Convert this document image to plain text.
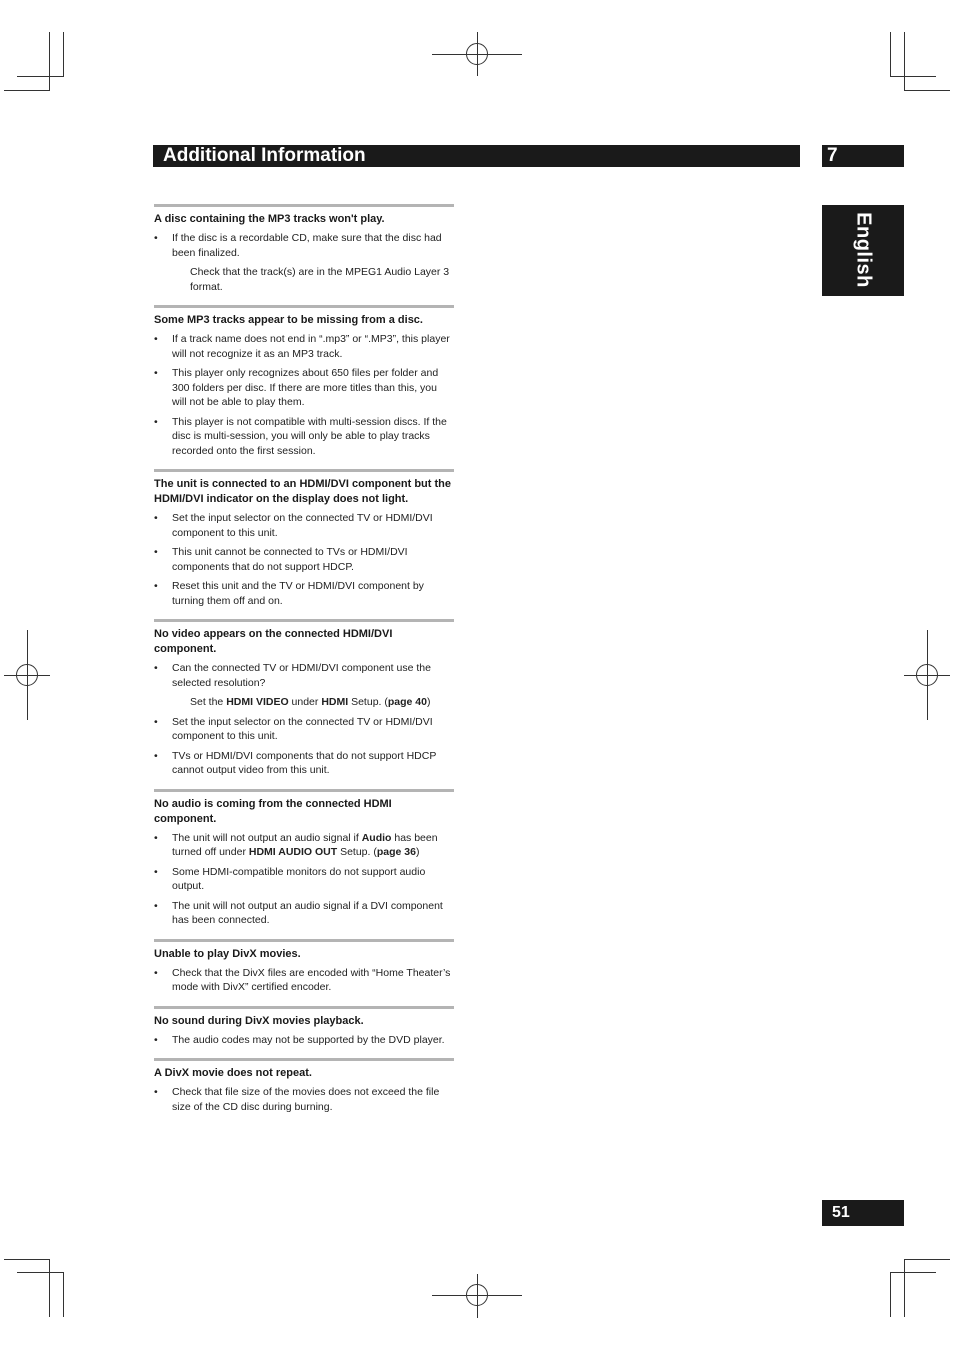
Additional Information	7
English
51

A disc containing the MP3 tracks won't play.

• If the disc is a recordable CD, make sure that the disc had been finalized.
Check that the track(s) are in the MPEG1 Audio Layer 3 format.

Some MP3 tracks appear to be missing from a disc.

• If a track name does not end in “.mp3” or “.MP3”, this player will not recognize it as an MP3 track.
• This player only recognizes about 650 files per folder and 300 folders per disc. If there are more titles than this, you will not be able to play them.
• This player is not compatible with multi-session discs. If the disc is multi-session, you will only be able to play tracks recorded onto the first session.

The unit is connected to an HDMI/DVI component but the HDMI/DVI indicator on the display does not light.

• Set the input selector on the connected TV or HDMI/DVI component to this unit.
• This unit cannot be connected to TVs or HDMI/DVI components that do not support HDCP.
• Reset this unit and the TV or HDMI/DVI component by turning them off and on.

No video appears on the connected HDMI/DVI component.

• Can the connected TV or HDMI/DVI component use the selected resolution?
Set the HDMI VIDEO under HDMI Setup. (page 40)
• Set the input selector on the connected TV or HDMI/DVI component to this unit.
• TVs or HDMI/DVI components that do not support HDCP cannot output video from this unit.

No audio is coming from the connected HDMI component.

• The unit will not output an audio signal if Audio has been turned off under HDMI AUDIO OUT Setup. (page 36)
• Some HDMI-compatible monitors do not support audio output.
• The unit will not output an audio signal if a DVI component has been connected.

Unable to play DivX movies.

• Check that the DivX files are encoded with “Home Theater’s mode with DivX” certified encoder.

No sound during DivX movies playback.

• The audio codes may not be supported by the DVD player.

A DivX movie does not repeat.

• Check that file size of the movies does not exceed the file size of the CD disc during burning.
